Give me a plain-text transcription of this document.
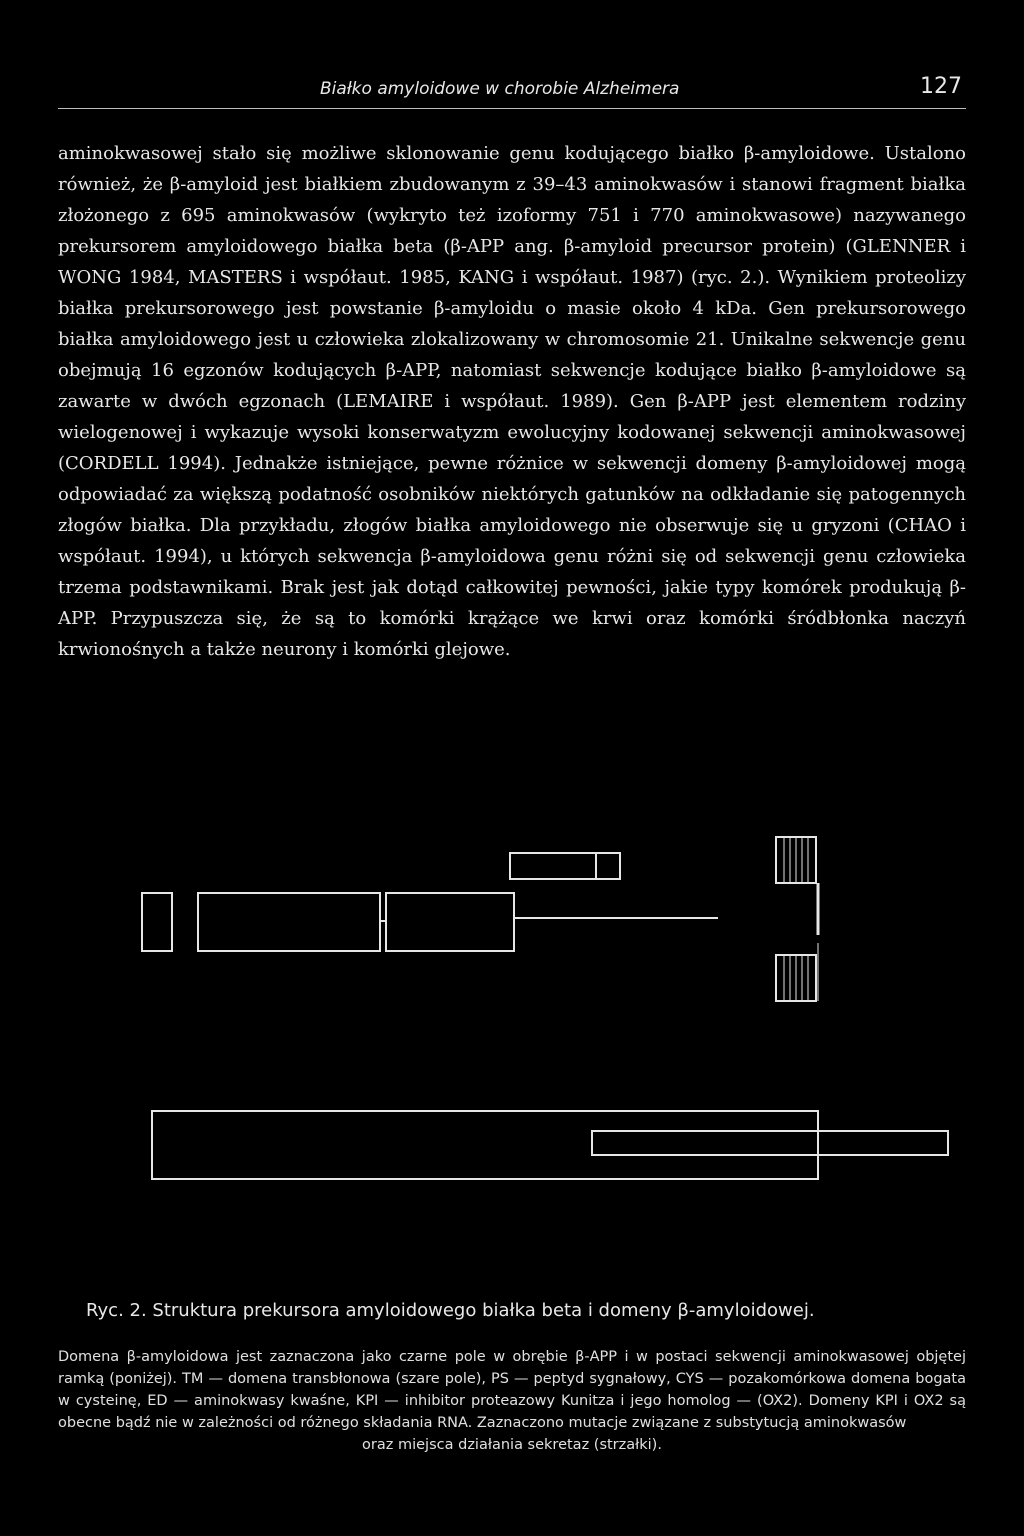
Białko amyloidowe w chorobie Alzheimera	127

aminokwasowej stało się możliwe sklonowanie genu kodującego białko β-amyloidowe. Ustalono również, że β-amyloid jest białkiem zbudowanym z 39–43 aminokwasów i stanowi fragment białka złożonego z 695 aminokwasów (wykryto też izoformy 751 i 770 aminokwasowe) nazywanego prekursorem amyloidowego białka beta (β-APP ang. β-amyloid precursor protein) (GLENNER i WONG 1984, MASTERS i współaut. 1985, KANG i współaut. 1987) (ryc. 2.). Wynikiem proteolizy białka prekursorowego jest powstanie β-amyloidu o masie około 4 kDa. Gen prekursorowego białka amyloidowego jest u człowieka zlokalizowany w chromosomie 21. Unikalne sekwencje genu obejmują 16 egzonów kodujących β-APP, natomiast sekwencje kodujące białko β-amyloidowe są zawarte w dwóch egzonach (LEMAIRE i współaut. 1989). Gen β-APP jest elementem rodziny wielogenowej i wykazuje wysoki konserwatyzm ewolucyjny kodowanej sekwencji aminokwasowej (CORDELL 1994). Jednakże istniejące, pewne różnice w sekwencji domeny β-amyloidowej mogą odpowiadać za większą podatność osobników niektórych gatunków na odkładanie się patogennych złogów białka. Dla przykładu, złogów białka amyloidowego nie obserwuje się u gryzoni (CHAO i współaut. 1994), u których sekwencja β-amyloidowa genu różni się od sekwencji genu człowieka trzema podstawnikami. Brak jest jak dotąd całkowitej pewności, jakie typy komórek produkują β-APP. Przypuszcza się, że są to komórki krążące we krwi oraz komórki śródbłonka naczyń krwionośnych a także neurony i komórki glejowe.

Ryc. 2. Struktura prekursora amyloidowego białka beta i domeny β-amyloidowej.
Domena β-amyloidowa jest zaznaczona jako czarne pole w obrębie β-APP i w postaci sekwencji aminokwasowej objętej ramką (poniżej). TM — domena transbłonowa (szare pole), PS — peptyd sygnałowy, CYS — pozakomórkowa domena bogata w cysteinę, ED — aminokwasy kwaśne, KPI — inhibitor proteazowy Kunitza i jego homolog — (OX2). Domeny KPI i OX2 są obecne bądź nie w zależności od różnego składania RNA. Zaznaczono mutacje związane z substytucją aminokwasów
oraz miejsca działania sekretaz (strzałki).
